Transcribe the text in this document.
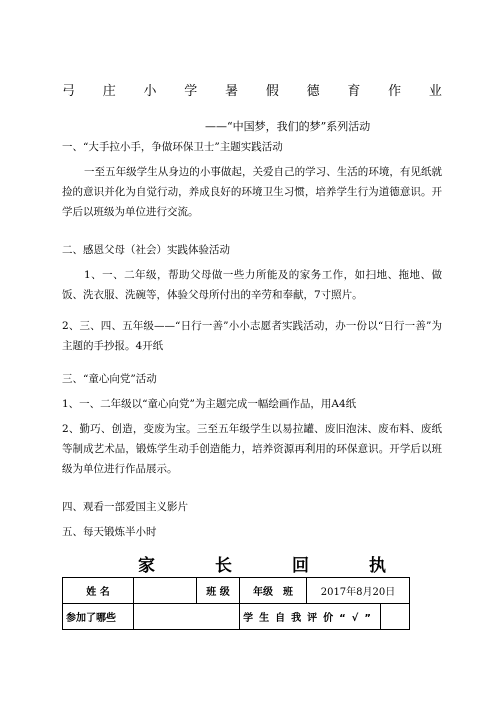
弓 庄 小 学 暑 假 德 育 作 业
——“中国梦，我们的梦”系列活动
一、“大手拉小手，争做环保卫士”主题实践活动
一至五年级学生从身边的小事做起，关爱自己的学习、生活的环境，有见纸就捡的意识并化为自觉行动，养成良好的环境卫生习惯，培养学生行为道德意识。开学后以班级为单位进行交流。
二、感恩父母（社会）实践体验活动
1、一、二年级，帮助父母做一些力所能及的家务工作，如扫地、拖地、做饭、洗衣服、洗碗等，体验父母所付出的辛劳和奉献，7寸照片。
2、三、四、五年级——“日行一善”小小志愿者实践活动，办一份以“日行一善”为主题的手抄报。4开纸
三、“童心向党”活动
1、一、二年级以“童心向党”为主题完成一幅绘画作品，用A4纸
2、勤巧、创造，变废为宝。三至五年级学生以易拉罐、废旧泡沫、废布料、废纸等制成艺术品，锻炼学生动手创造能力，培养资源再利用的环保意识。开学后以班级为单位进行作品展示。
四、观看一部爱国主义影片
五、每天锻炼半小时
家	长	回	执
姓 名		班 级	年级　班	2017年8月20日	
参加了哪些			学生自我评价“√”		
